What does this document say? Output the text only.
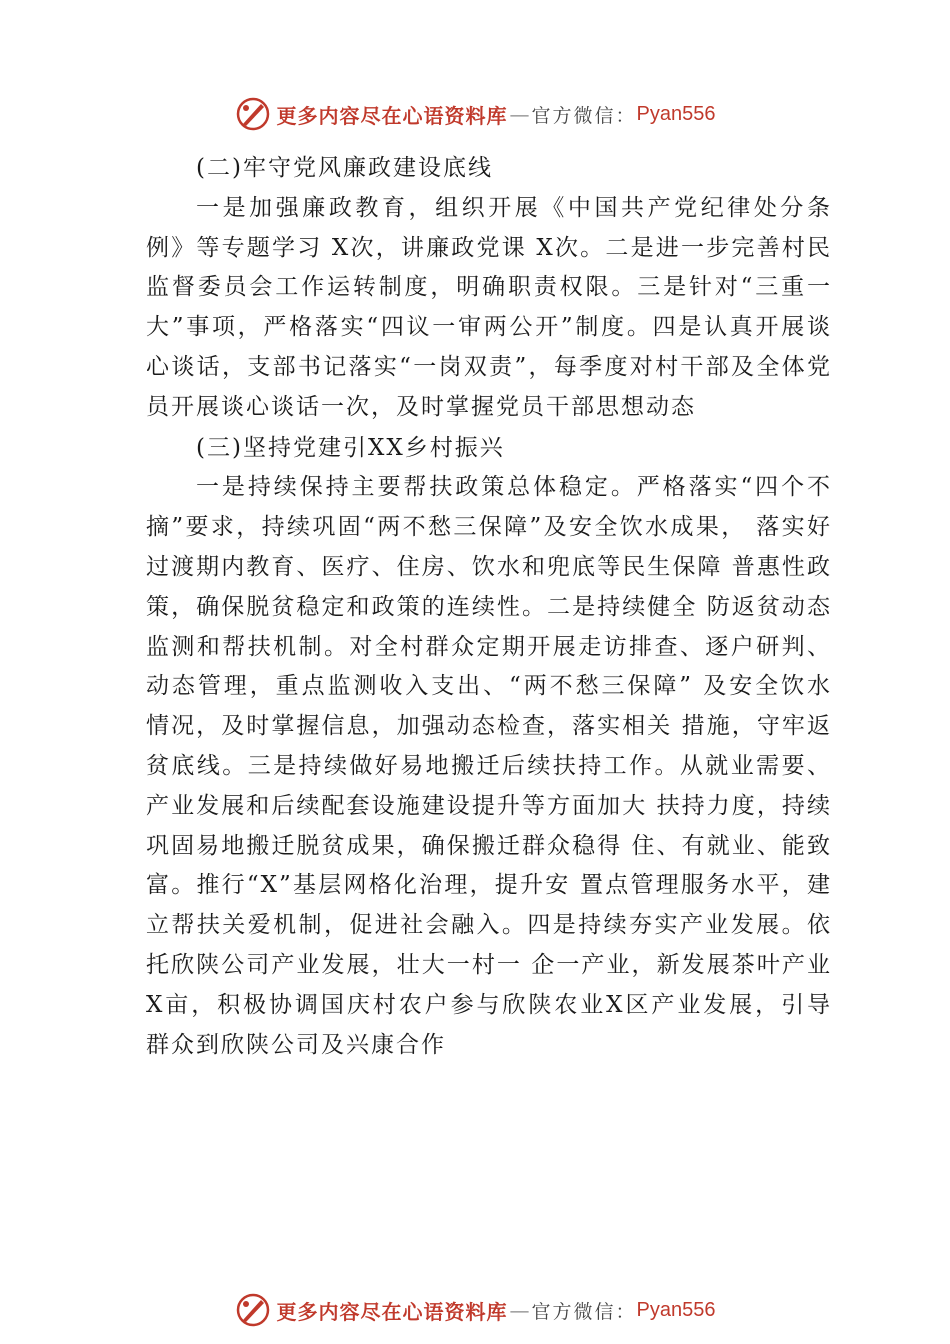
更多内容尽在心语资料库 — 官方微信： Pyan556

(二)牢守党风廉政建设底线

一是加强廉政教育，组织开展《中国共产党纪律处分条例》等专题学习 X次，讲廉政党课 X次。二是进一步完善村民监督委员会工作运转制度，明确职责权限。三是针对“三重一大”事项，严格落实“四议一审两公开”制度。四是认真开展谈心谈话，支部书记落实“一岗双责”，每季度对村干部及全体党员开展谈心谈话一次，及时掌握党员干部思想动态

(三)坚持党建引XX乡村振兴

一是持续保持主要帮扶政策总体稳定。严格落实“四个不摘”要求，持续巩固“两不愁三保障”及安全饮水成果， 落实好过渡期内教育、医疗、住房、饮水和兜底等民生保障 普惠性政策，确保脱贫稳定和政策的连续性。二是持续健全 防返贫动态监测和帮扶机制。对全村群众定期开展走访排查、逐户研判、动态管理，重点监测收入支出、“两不愁三保障” 及安全饮水情况，及时掌握信息，加强动态检查，落实相关 措施，守牢返贫底线。三是持续做好易地搬迁后续扶持工作。从就业需要、产业发展和后续配套设施建设提升等方面加大 扶持力度，持续巩固易地搬迁脱贫成果，确保搬迁群众稳得 住、有就业、能致富。推行“X”基层网格化治理，提升安 置点管理服务水平，建立帮扶关爱机制，促进社会融入。四是持续夯实产业发展。依托欣陕公司产业发展，壮大一村一 企一产业，新发展茶叶产业 X亩，积极协调国庆村农户参与欣陕农业X区产业发展，引导群众到欣陕公司及兴康合作

更多内容尽在心语资料库 — 官方微信： Pyan556
